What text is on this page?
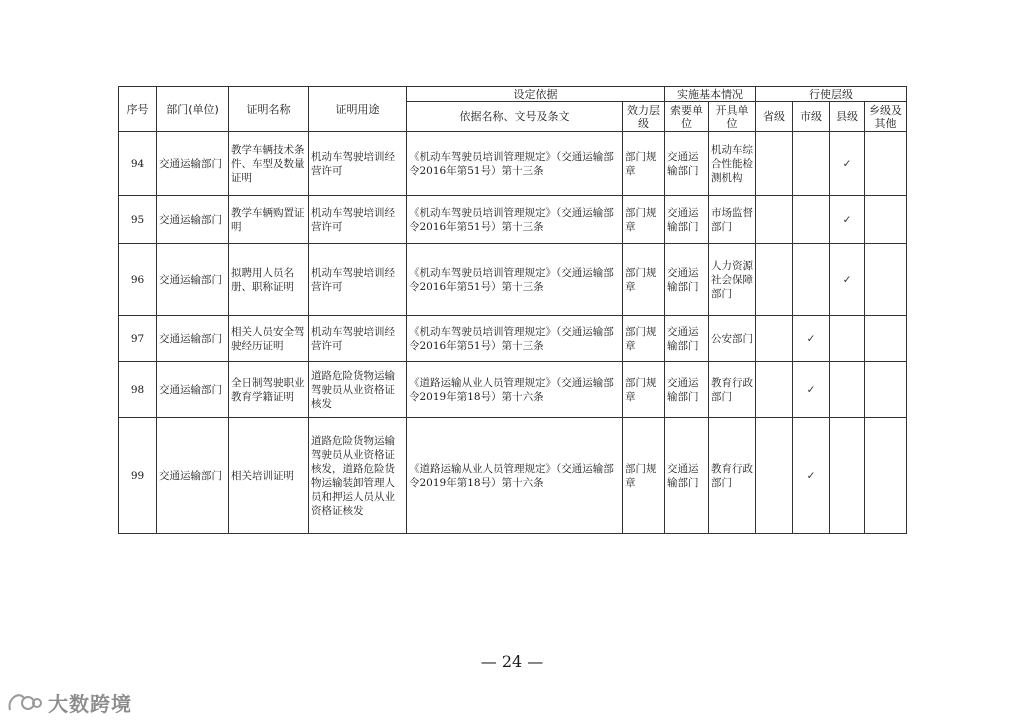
序号	部门(单位)	证明名称	证明用途	设定依据		实施基本情况		行使层级			
				依据名称、文号及条文	效力层级	索要单位	开具单位	省级	市级	县级	乡级及其他
94	交通运输部门	教学车辆技术条件、车型及数量证明	机动车驾驶培训经营许可	《机动车驾驶员培训管理规定》（交通运输部令2016年第51号）第十三条	部门规章	交通运输部门	机动车综合性能检测机构			✓	
95	交通运输部门	教学车辆购置证明	机动车驾驶培训经营许可	《机动车驾驶员培训管理规定》（交通运输部令2016年第51号）第十三条	部门规章	交通运输部门	市场监督部门			✓	
96	交通运输部门	拟聘用人员名册、职称证明	机动车驾驶培训经营许可	《机动车驾驶员培训管理规定》（交通运输部令2016年第51号）第十三条	部门规章	交通运输部门	人力资源社会保障部门			✓	
97	交通运输部门	相关人员安全驾驶经历证明	机动车驾驶培训经营许可	《机动车驾驶员培训管理规定》（交通运输部令2016年第51号）第十三条	部门规章	交通运输部门	公安部门		✓		
98	交通运输部门	全日制驾驶职业教育学籍证明	道路危险货物运输驾驶员从业资格证核发	《道路运输从业人员管理规定》（交通运输部令2019年第18号）第十六条	部门规章	交通运输部门	教育行政部门		✓		
99	交通运输部门	相关培训证明	道路危险货物运输驾驶员从业资格证核发，道路危险货物运输装卸管理人员和押运人员从业资格证核发	《道路运输从业人员管理规定》（交通运输部令2019年第18号）第十六条	部门规章	交通运输部门	教育行政部门		✓		
— 24 —
大数跨境
